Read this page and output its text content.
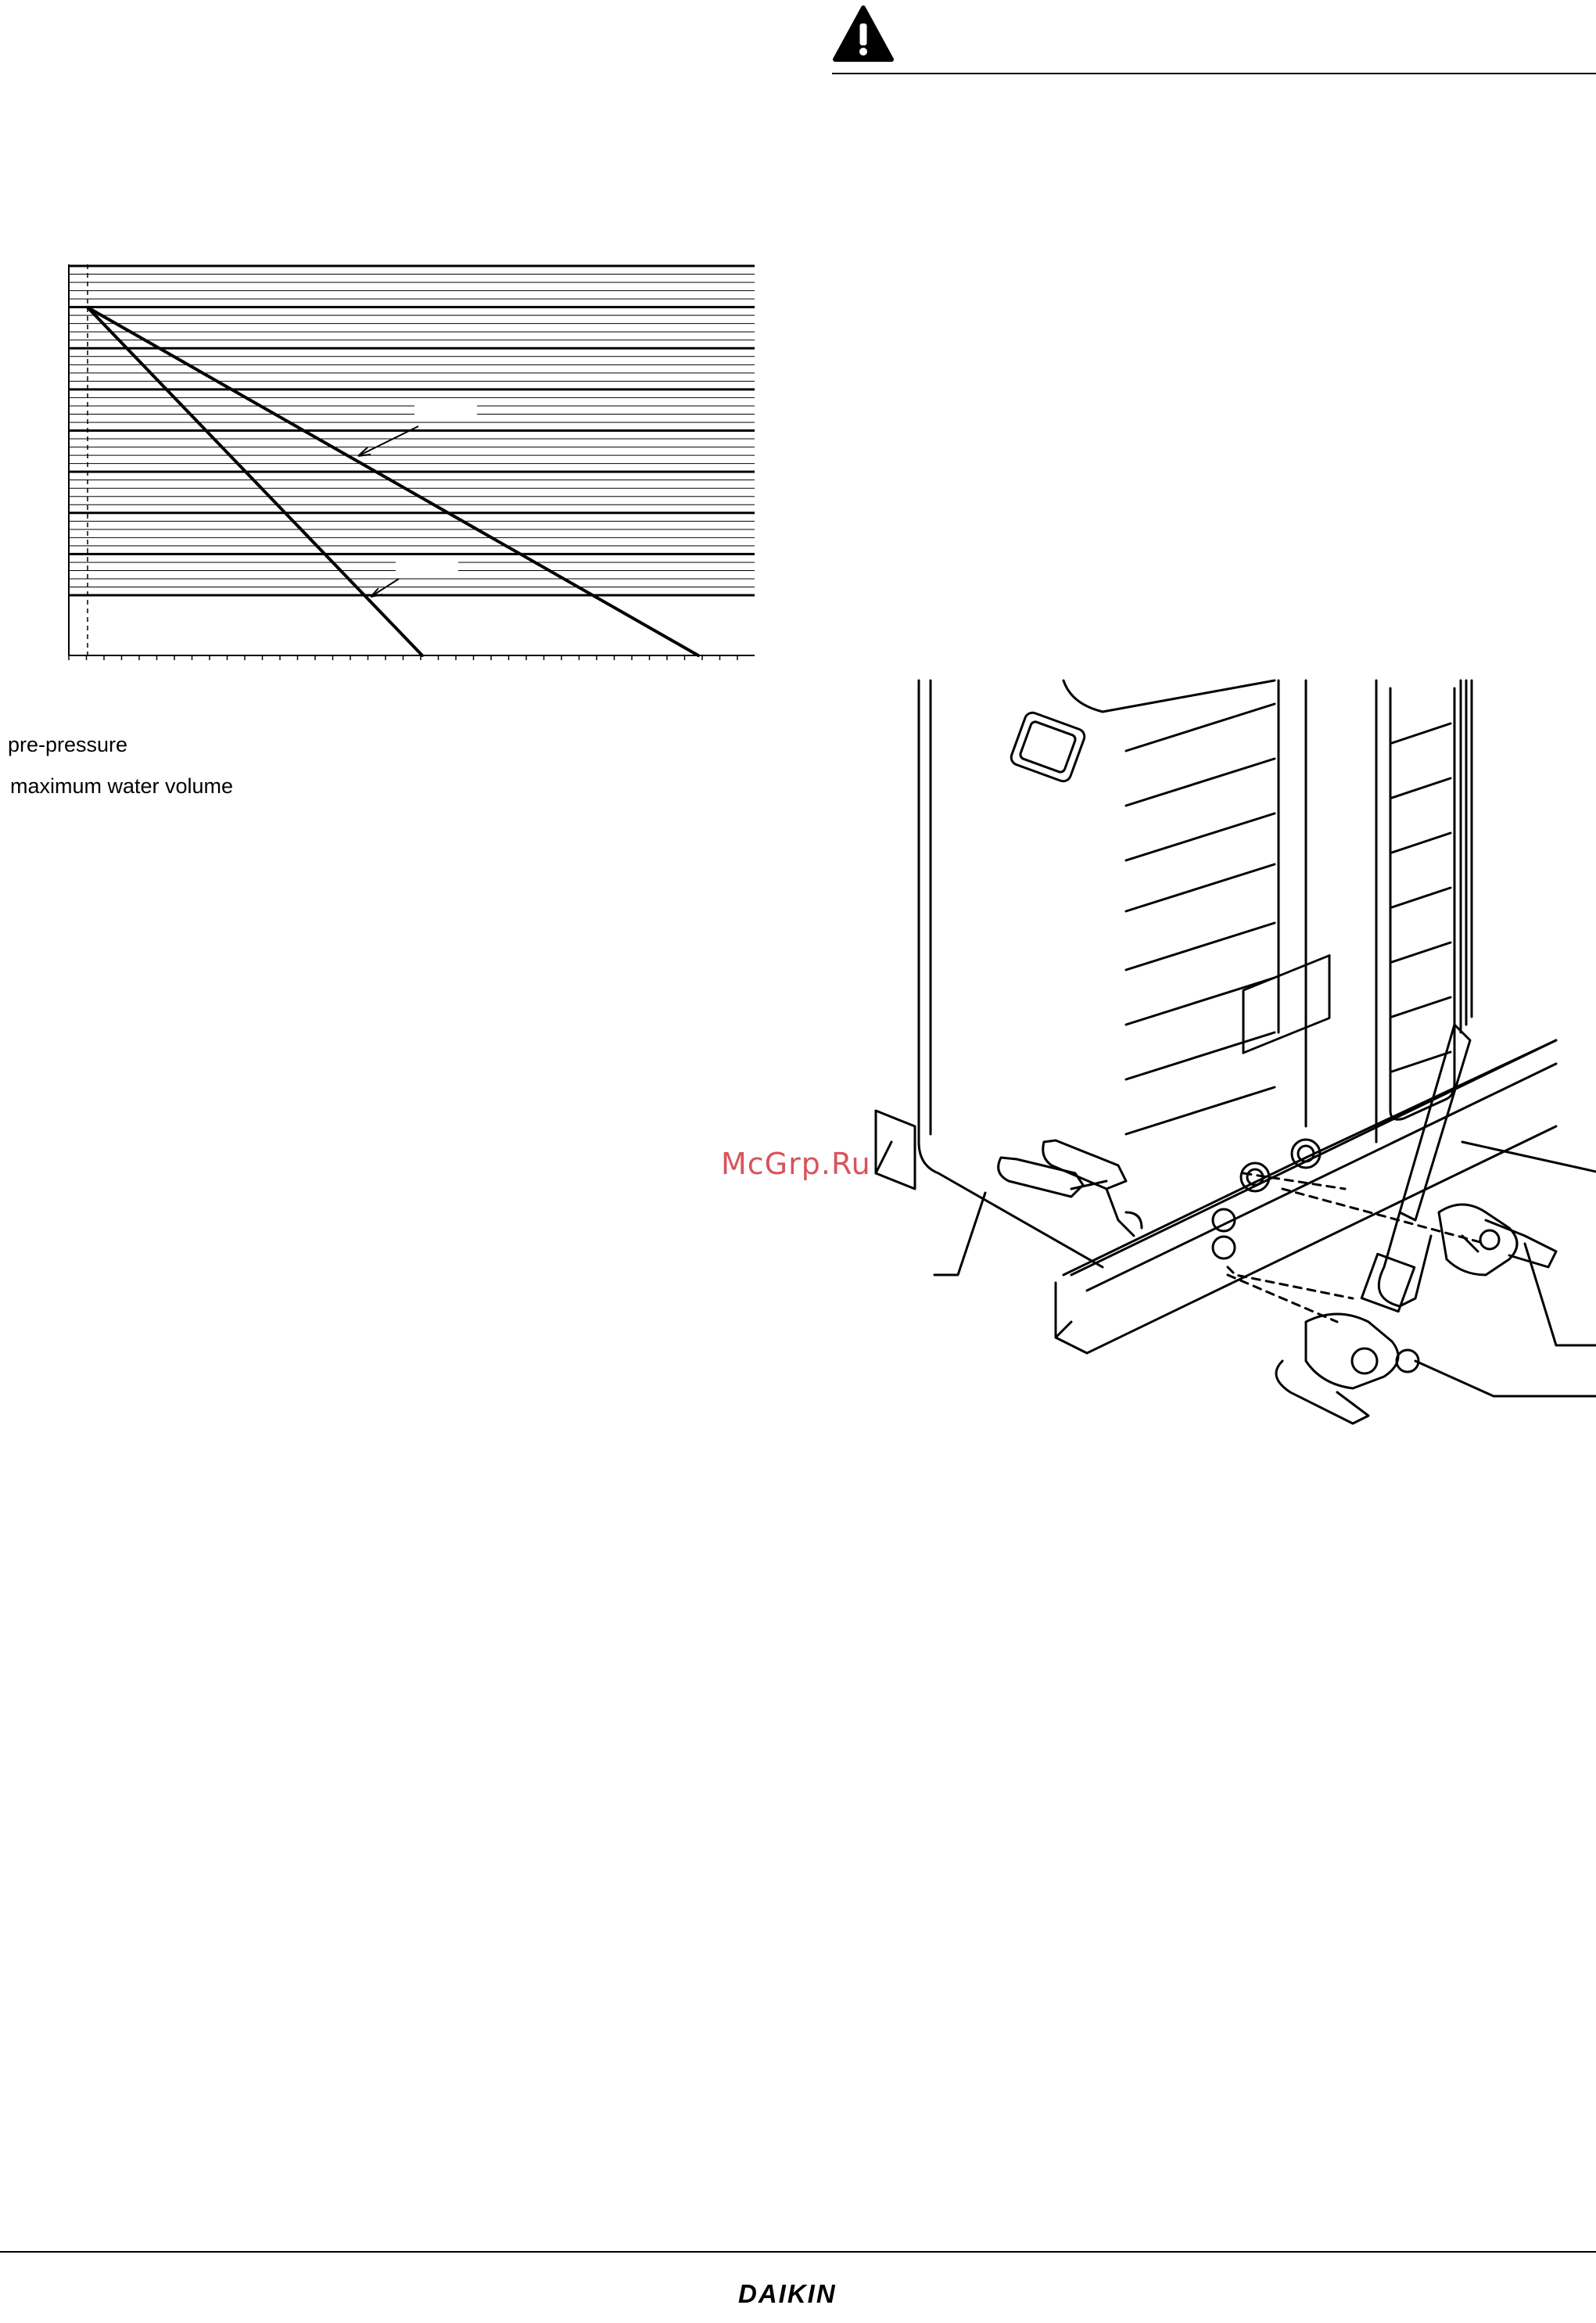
pre-pressure
maximum water volume
McGrp.Ru
DAIKIN
